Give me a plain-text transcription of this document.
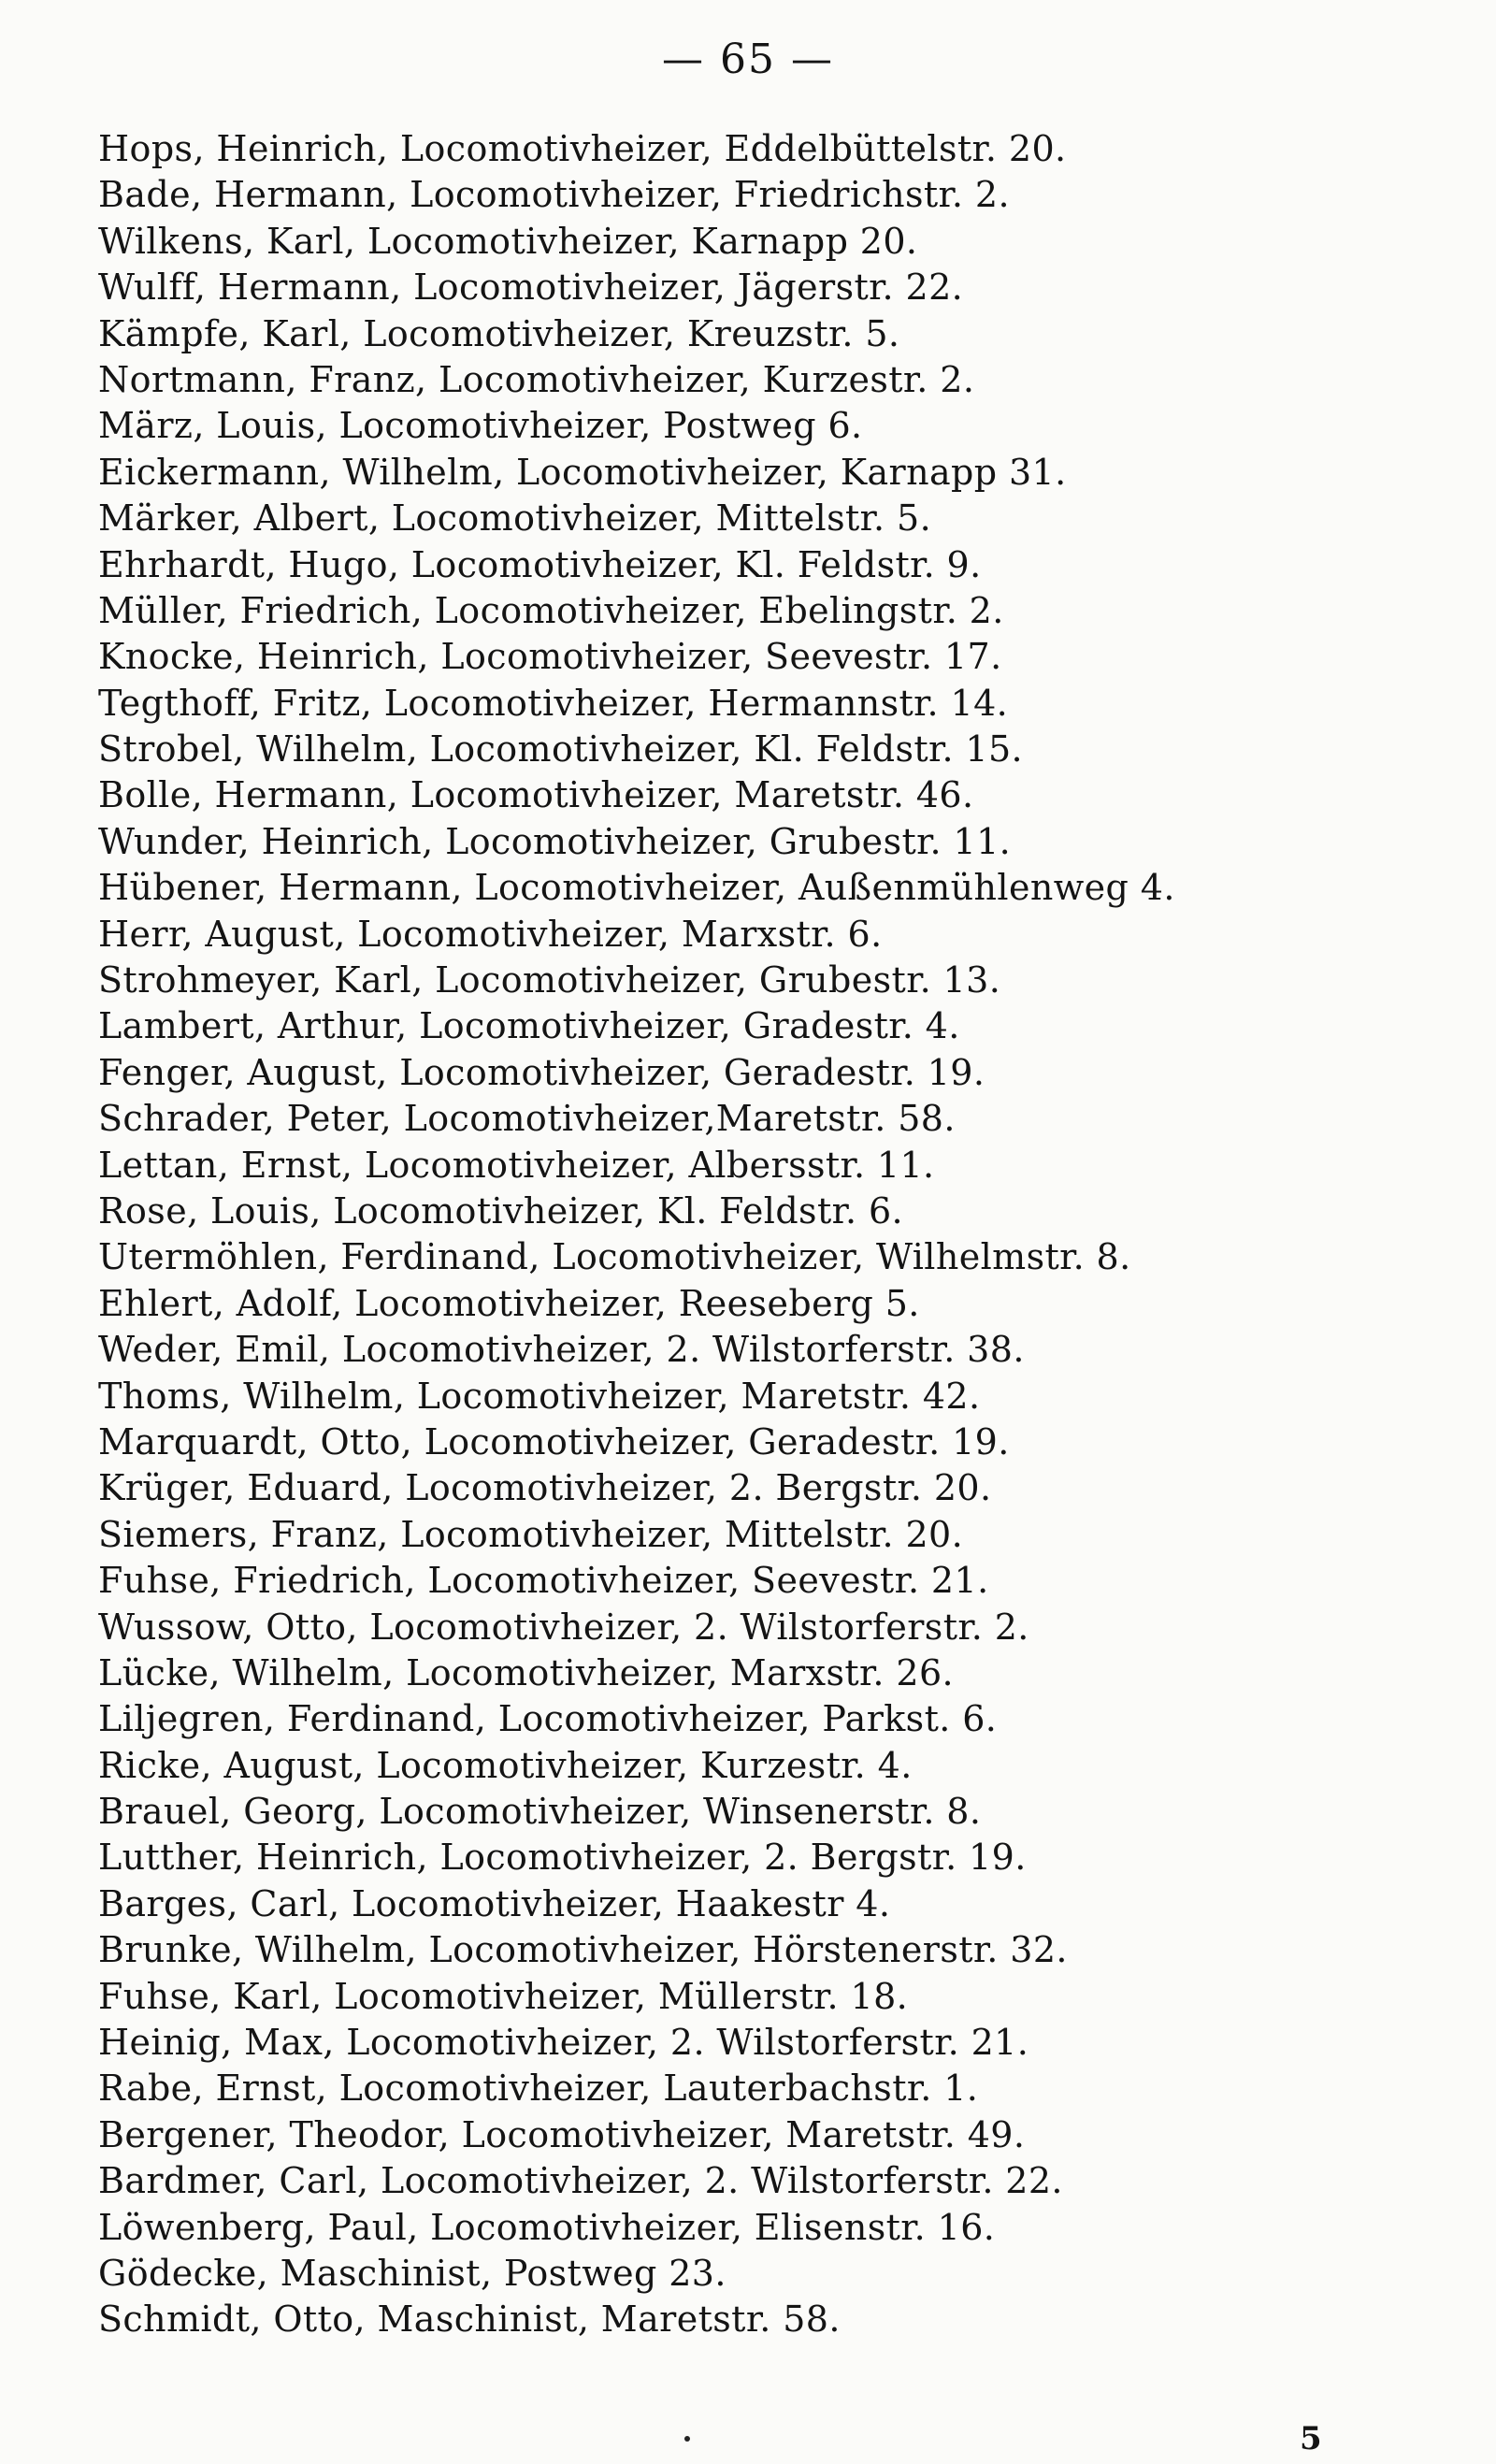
— 65 —
Hops, Heinrich, Locomotivheizer, Eddelbüttelstr. 20.
Bade, Hermann, Locomotivheizer, Friedrichstr. 2.
Wilkens, Karl, Locomotivheizer, Karnapp 20.
Wulff, Hermann, Locomotivheizer, Jägerstr. 22.
Kämpfe, Karl, Locomotivheizer, Kreuzstr. 5.
Nortmann, Franz, Locomotivheizer, Kurzestr. 2.
März, Louis, Locomotivheizer, Postweg 6.
Eickermann, Wilhelm, Locomotivheizer, Karnapp 31.
Märker, Albert, Locomotivheizer, Mittelstr. 5.
Ehrhardt, Hugo, Locomotivheizer, Kl. Feldstr. 9.
Müller, Friedrich, Locomotivheizer, Ebelingstr. 2.
Knocke, Heinrich, Locomotivheizer, Seevestr. 17.
Tegthoff, Fritz, Locomotivheizer, Hermannstr. 14.
Strobel, Wilhelm, Locomotivheizer, Kl. Feldstr. 15.
Bolle, Hermann, Locomotivheizer, Maretstr. 46.
Wunder, Heinrich, Locomotivheizer, Grubestr. 11.
Hübener, Hermann, Locomotivheizer, Außenmühlenweg 4.
Herr, August, Locomotivheizer, Marxstr. 6.
Strohmeyer, Karl, Locomotivheizer, Grubestr. 13.
Lambert, Arthur, Locomotivheizer, Gradestr. 4.
Fenger, August, Locomotivheizer, Geradestr. 19.
Schrader, Peter, Locomotivheizer,Maretstr. 58.
Lettan, Ernst, Locomotivheizer, Albersstr. 11.
Rose, Louis, Locomotivheizer, Kl. Feldstr. 6.
Utermöhlen, Ferdinand, Locomotivheizer, Wilhelmstr. 8.
Ehlert, Adolf, Locomotivheizer, Reeseberg 5.
Weder, Emil, Locomotivheizer, 2. Wilstorferstr. 38.
Thoms, Wilhelm, Locomotivheizer, Maretstr. 42.
Marquardt, Otto, Locomotivheizer, Geradestr. 19.
Krüger, Eduard, Locomotivheizer, 2. Bergstr. 20.
Siemers, Franz, Locomotivheizer, Mittelstr. 20.
Fuhse, Friedrich, Locomotivheizer, Seevestr. 21.
Wussow, Otto, Locomotivheizer, 2. Wilstorferstr. 2.
Lücke, Wilhelm, Locomotivheizer, Marxstr. 26.
Liljegren, Ferdinand, Locomotivheizer, Parkst. 6.
Ricke, August, Locomotivheizer, Kurzestr. 4.
Brauel, Georg, Locomotivheizer, Winsenerstr. 8.
Lutther, Heinrich, Locomotivheizer, 2. Bergstr. 19.
Barges, Carl, Locomotivheizer, Haakestr 4.
Brunke, Wilhelm, Locomotivheizer, Hörstenerstr. 32.
Fuhse, Karl, Locomotivheizer, Müllerstr. 18.
Heinig, Max, Locomotivheizer, 2. Wilstorferstr. 21.
Rabe, Ernst, Locomotivheizer, Lauterbachstr. 1.
Bergener, Theodor, Locomotivheizer, Maretstr. 49.
Bardmer, Carl, Locomotivheizer, 2. Wilstorferstr. 22.
Löwenberg, Paul, Locomotivheizer, Elisenstr. 16.
Gödecke, Maschinist, Postweg 23.
Schmidt, Otto, Maschinist, Maretstr. 58.
5
